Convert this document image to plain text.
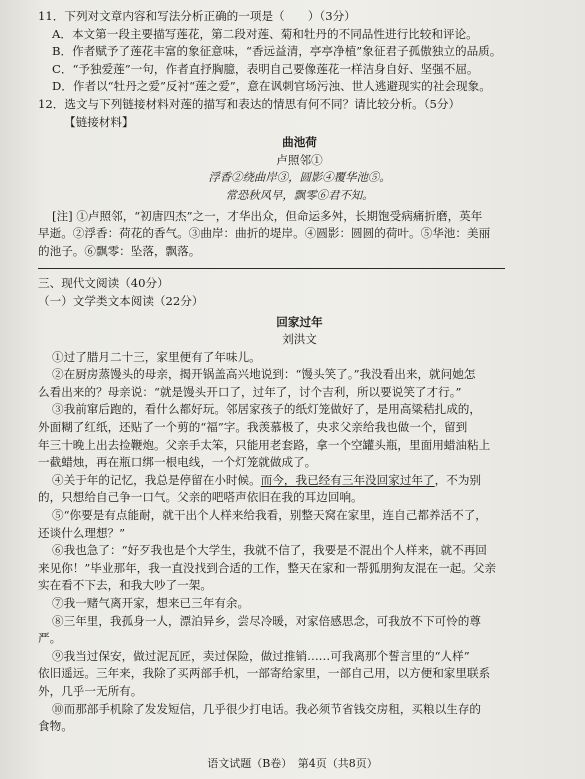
11．下列对文章内容和写法分析正确的一项是（　　）（3分）
A．本文第一段主要描写莲花，第二段对莲、菊和牡丹的不同品性进行比较和评论。
B．作者赋予了莲花丰富的象征意味，“香远益清，亭亭净植”象征君子孤傲独立的品质。
C．“予独爱莲”一句，作者直抒胸臆，表明自己要像莲花一样洁身自好、坚强不屈。
D．作者以“牡丹之爱”反衬“莲之爱”，意在讽刺官场污浊、世人逃避现实的社会现象。
12．选文与下列链接材料对莲的描写和表达的情思有何不同？请比较分析。（5分）
【链接材料】
曲池荷
卢照邻①
浮香②绕曲岸③，圆影④覆华池⑤。
常恐秋风早，飘零⑥君不知。
[注] ①卢照邻，“初唐四杰”之一，才华出众，但命运多舛，长期饱受病痛折磨，英年
早逝。②浮香：荷花的香气。③曲岸：曲折的堤岸。④圆影：圆圆的荷叶。⑤华池：美丽
的池子。⑥飘零：坠落，飘落。
三、现代文阅读（40分）
（一）文学类文本阅读（22分）
回家过年
刘洪文
①过了腊月二十三，家里便有了年味儿。
②在厨房蒸馒头的母亲，揭开锅盖高兴地说到：“馒头笑了。”我没看出来，就问她怎
么看出来的？母亲说：“就是馒头开口了，过年了，讨个吉利，所以要说笑了才行。”
③我前窜后跑的，看什么都好玩。邻居家孩子的纸灯笼做好了，是用高粱秸扎成的，
外面糊了红纸，还贴了一个剪的“福”字。我羡慕极了，央求父亲给我也做一个，留到
年三十晚上出去捡鞭炮。父亲手太笨，只能用老套路，拿一个空罐头瓶，里面用蜡油粘上
一截蜡烛，再在瓶口绑一根电线，一个灯笼就做成了。
④关于年的记忆，我总是停留在小时候。而今，我已经有三年没回家过年了，不为别
的，只想给自己争一口气。父亲的吧嗒声依旧在我的耳边回响。
⑤“你要是有点能耐，就干出个人样来给我看，别整天窝在家里，连自己都养活不了，
还谈什么理想？”
⑥我也急了：“好歹我也是个大学生，我就不信了，我要是不混出个人样来，就不再回
来见你！”毕业那年，我一直没找到合适的工作，整天在家和一帮狐朋狗友混在一起。父亲
实在看不下去，和我大吵了一架。
⑦我一赌气离开家，想来已三年有余。
⑧三年里，我孤身一人，漂泊异乡，尝尽冷暖，对家倍感思念，可我放不下可怜的尊
严。
⑨我当过保安，做过泥瓦匠，卖过保险，做过推销……可我离那个誓言里的“人样”
依旧遥远。三年来，我除了买两部手机，一部寄给家里，一部自己用，以方便和家里联系
外，几乎一无所有。
⑩而那部手机除了发发短信，几乎很少打电话。我必须节省钱交房租，买粮以生存的
食物。
语文试题（B卷）　第4页（共8页）
